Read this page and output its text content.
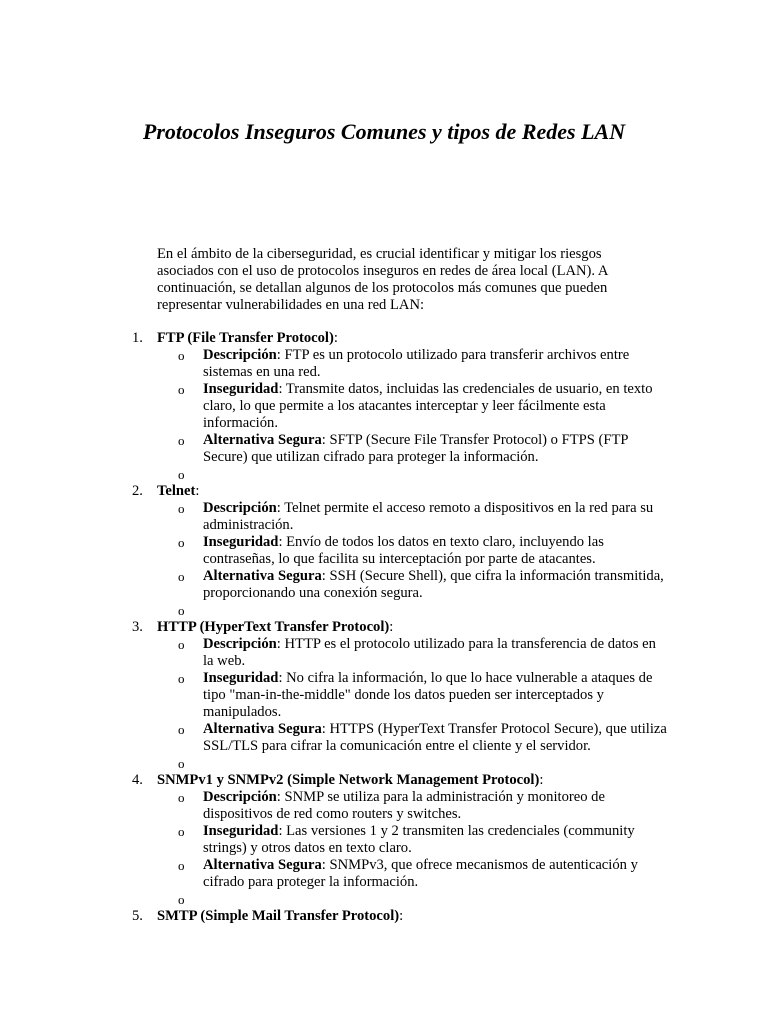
Protocolos Inseguros Comunes y tipos de Redes LAN

En el ámbito de la ciberseguridad, es crucial identificar y mitigar los riesgos asociados con el uso de protocolos inseguros en redes de área local (LAN). A continuación, se detallan algunos de los protocolos más comunes que pueden representar vulnerabilidades en una red LAN:

1. FTP (File Transfer Protocol):
o Descripción: FTP es un protocolo utilizado para transferir archivos entre sistemas en una red.
o Inseguridad: Transmite datos, incluidas las credenciales de usuario, en texto claro, lo que permite a los atacantes interceptar y leer fácilmente esta información.
o Alternativa Segura: SFTP (Secure File Transfer Protocol) o FTPS (FTP Secure) que utilizan cifrado para proteger la información.
o
2. Telnet:
o Descripción: Telnet permite el acceso remoto a dispositivos en la red para su administración.
o Inseguridad: Envío de todos los datos en texto claro, incluyendo las contraseñas, lo que facilita su interceptación por parte de atacantes.
o Alternativa Segura: SSH (Secure Shell), que cifra la información transmitida, proporcionando una conexión segura.
o
3. HTTP (HyperText Transfer Protocol):
o Descripción: HTTP es el protocolo utilizado para la transferencia de datos en la web.
o Inseguridad: No cifra la información, lo que lo hace vulnerable a ataques de tipo "man-in-the-middle" donde los datos pueden ser interceptados y manipulados.
o Alternativa Segura: HTTPS (HyperText Transfer Protocol Secure), que utiliza SSL/TLS para cifrar la comunicación entre el cliente y el servidor.
o
4. SNMPv1 y SNMPv2 (Simple Network Management Protocol):
o Descripción: SNMP se utiliza para la administración y monitoreo de dispositivos de red como routers y switches.
o Inseguridad: Las versiones 1 y 2 transmiten las credenciales (community strings) y otros datos en texto claro.
o Alternativa Segura: SNMPv3, que ofrece mecanismos de autenticación y cifrado para proteger la información.
o
5. SMTP (Simple Mail Transfer Protocol):
